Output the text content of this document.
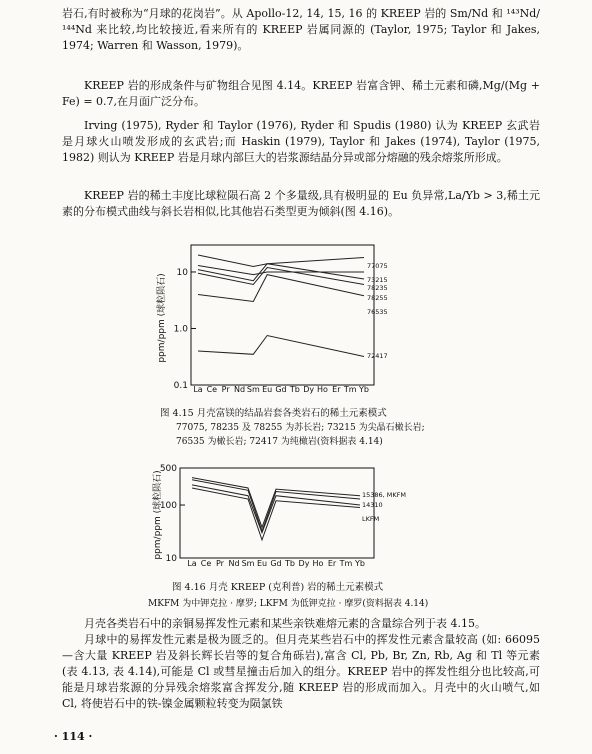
岩石,有时被称为“月球的花岗岩”。从 Apollo-12, 14, 15, 16 的 KREEP 岩的 Sm/Nd 和 ¹⁴³Nd/¹⁴⁴Nd 来比较,均比较接近,看来所有的 KREEP 岩属同源的 (Taylor, 1975; Taylor 和 Jakes, 1974; Warren 和 Wasson, 1979)。
KREEP 岩的形成条件与矿物组合见图 4.14。KREEP 岩富含钾、稀土元素和磷,Mg/(Mg + Fe) = 0.7,在月面广泛分布。
Irving (1975), Ryder 和 Taylor (1976), Ryder 和 Spudis (1980) 认为 KREEP 玄武岩是月球火山喷发形成的玄武岩;而 Haskin (1979), Taylor 和 Jakes (1974), Taylor (1975, 1982) 则认为 KREEP 岩是月球内部巨大的岩浆源结晶分异或部分熔融的残余熔浆所形成。
KREEP 岩的稀土丰度比球粒陨石高 2 个多量级,具有极明显的 Eu 负异常,La/Yb > 3,稀土元素的分布模式曲线与斜长岩相似,比其他岩石类型更为倾斜(图 4.16)。
ppm/ppm (球粒陨石)
10
1.0
0.1 La Ce Pr Nd Sm Eu Gd Tb Dy Ho Er Tm Yb
77075
73215
78235
78255
76535
72417
图 4.15 月壳富镁的结晶岩套各类岩石的稀土元素模式
77075, 78235 及 78255 为苏长岩; 73215 为尖晶石橄长岩;
76535 为橄长岩; 72417 为纯橄岩(资料据表 4.14)
ppm/ppm (球粒陨石)
500
100
10 La Ce Pr Nd Sm Eu Gd Tb Dy Ho Er Tm Yb
15386, MKFM
14310
LKFM
图 4.16 月壳 KREEP (克利普) 岩的稀土元素模式
MKFM 为中钾克拉 · 摩罗; LKFM 为低钾克拉 · 摩罗(资料据表 4.14)
月壳各类岩石中的亲铜易挥发性元素和某些亲铁难熔元素的含量综合列于表 4.15。
月球中的易挥发性元素是极为匮乏的。但月壳某些岩石中的挥发性元素含量较高 (如: 66095—含大量 KREEP 岩及斜长辉长岩等的复合角砾岩),富含 Cl, Pb, Br, Zn, Rb, Ag 和 Tl 等元素 (表 4.13, 表 4.14),可能是 Cl 或彗星撞击后加入的组分。KREEP 岩中的挥发性组分也比较高,可能是月球岩浆源的分异残余熔浆富含挥发分,随 KREEP 岩的形成而加入。月壳中的火山喷气,如 Cl, 将使岩石中的铁-镍金属颗粒转变为陨氯铁
· 114 ·
